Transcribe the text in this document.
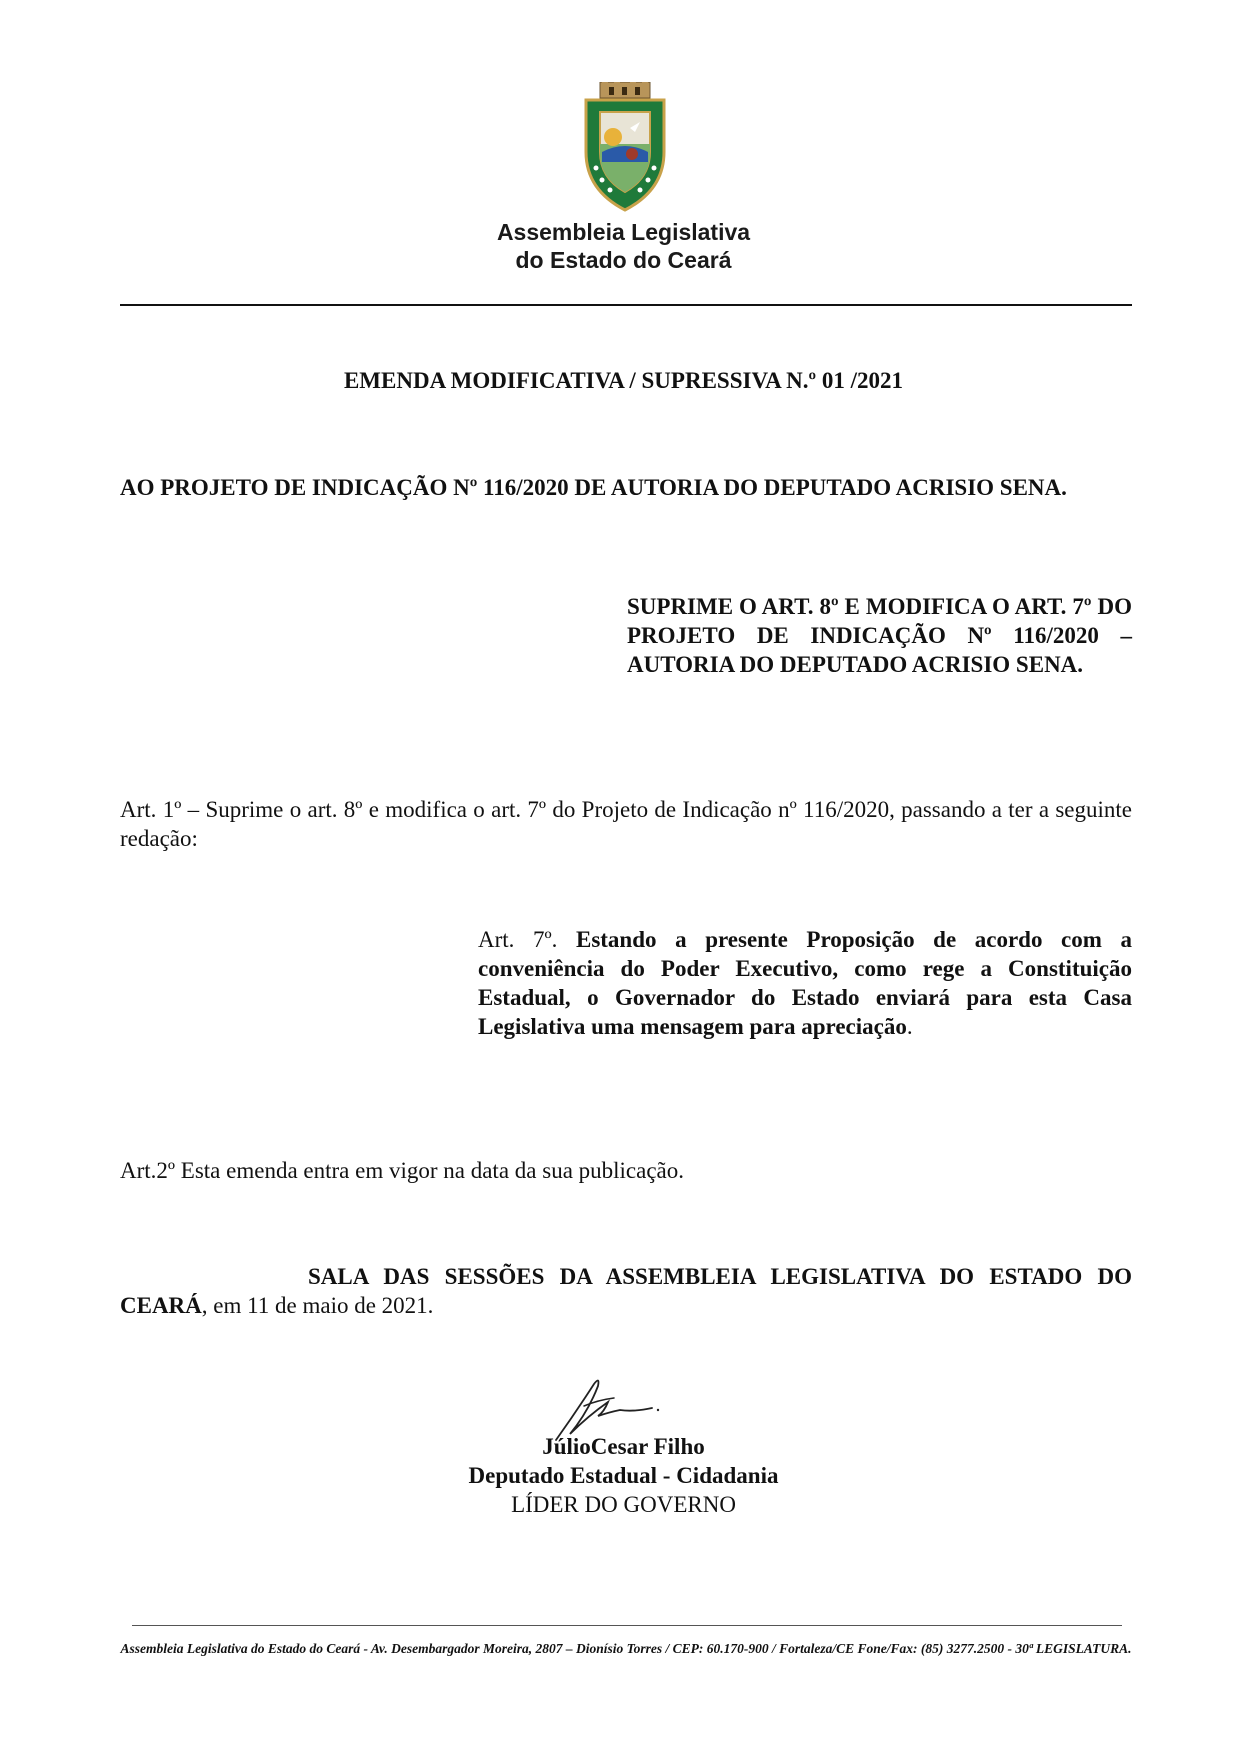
Assembleia Legislativa
do Estado do Ceará
EMENDA MODIFICATIVA / SUPRESSIVA N.º 01 /2021
AO PROJETO DE INDICAÇÃO Nº 116/2020 DE AUTORIA DO DEPUTADO ACRISIO SENA.
SUPRIME O ART. 8º E MODIFICA O ART. 7º DO PROJETO DE INDICAÇÃO Nº 116/2020 – AUTORIA DO DEPUTADO ACRISIO SENA.
Art. 1º – Suprime o art. 8º e modifica o art. 7º do Projeto de Indicação nº 116/2020, passando a ter a seguinte redação:
Art. 7º. Estando a presente Proposição de acordo com a conveniência do Poder Executivo, como rege a Constituição Estadual, o Governador do Estado enviará para esta Casa Legislativa uma mensagem para apreciação.
Art.2º Esta emenda entra em vigor na data da sua publicação.
SALA DAS SESSÕES DA ASSEMBLEIA LEGISLATIVA DO ESTADO DO CEARÁ, em 11 de maio de 2021.
JúlioCesar Filho
Deputado Estadual - Cidadania
LÍDER DO GOVERNO
Assembleia Legislativa do Estado do Ceará - Av. Desembargador Moreira, 2807 – Dionísio Torres / CEP: 60.170-900 / Fortaleza/CE Fone/Fax: (85) 3277.2500 - 30ª LEGISLATURA.
